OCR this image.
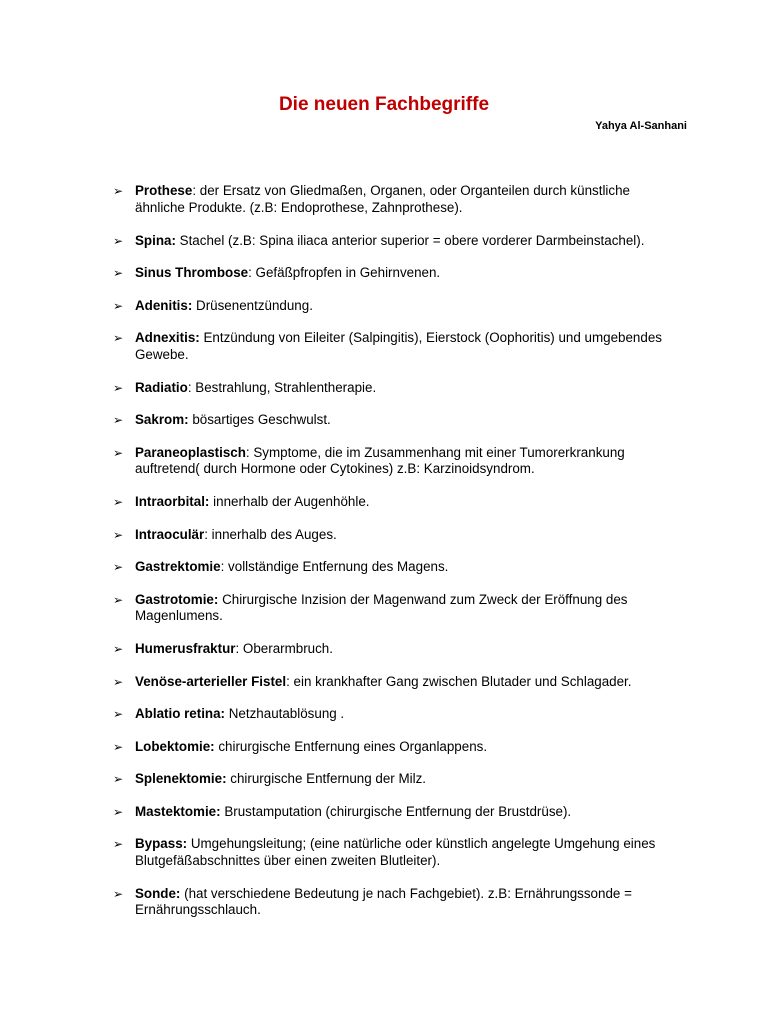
Die neuen Fachbegriffe
Yahya Al-Sanhani
➢ Prothese: der Ersatz von Gliedmaßen, Organen, oder Organteilen durch künstliche ähnliche Produkte. (z.B: Endoprothese, Zahnprothese).
➢ Spina: Stachel (z.B: Spina iliaca anterior superior = obere vorderer Darmbeinstachel).
➢ Sinus Thrombose: Gefäßpfropfen in Gehirnvenen.
➢ Adenitis: Drüsenentzündung.
➢ Adnexitis: Entzündung von Eileiter (Salpingitis), Eierstock (Oophoritis) und umgebendes Gewebe.
➢ Radiatio: Bestrahlung, Strahlentherapie.
➢ Sakrom: bösartiges Geschwulst.
➢ Paraneoplastisch: Symptome, die im Zusammenhang mit einer Tumorerkrankung auftretend( durch Hormone oder Cytokines) z.B: Karzinoidsyndrom.
➢ Intraorbital: innerhalb der Augenhöhle.
➢ Intraoculär: innerhalb des Auges.
➢ Gastrektomie: vollständige Entfernung des Magens.
➢ Gastrotomie: Chirurgische Inzision der Magenwand zum Zweck der Eröffnung des Magenlumens.
➢ Humerusfraktur: Oberarmbruch.
➢ Venöse-arterieller Fistel: ein krankhafter Gang zwischen Blutader und Schlagader.
➢ Ablatio retina: Netzhautablösung .
➢ Lobektomie: chirurgische Entfernung eines Organlappens.
➢ Splenektomie: chirurgische Entfernung der Milz.
➢ Mastektomie: Brustamputation (chirurgische Entfernung der Brustdrüse).
➢ Bypass: Umgehungsleitung; (eine natürliche oder künstlich angelegte Umgehung eines Blutgefäßabschnittes über einen zweiten Blutleiter).
➢ Sonde: (hat verschiedene Bedeutung je nach Fachgebiet). z.B: Ernährungssonde = Ernährungsschlauch.
